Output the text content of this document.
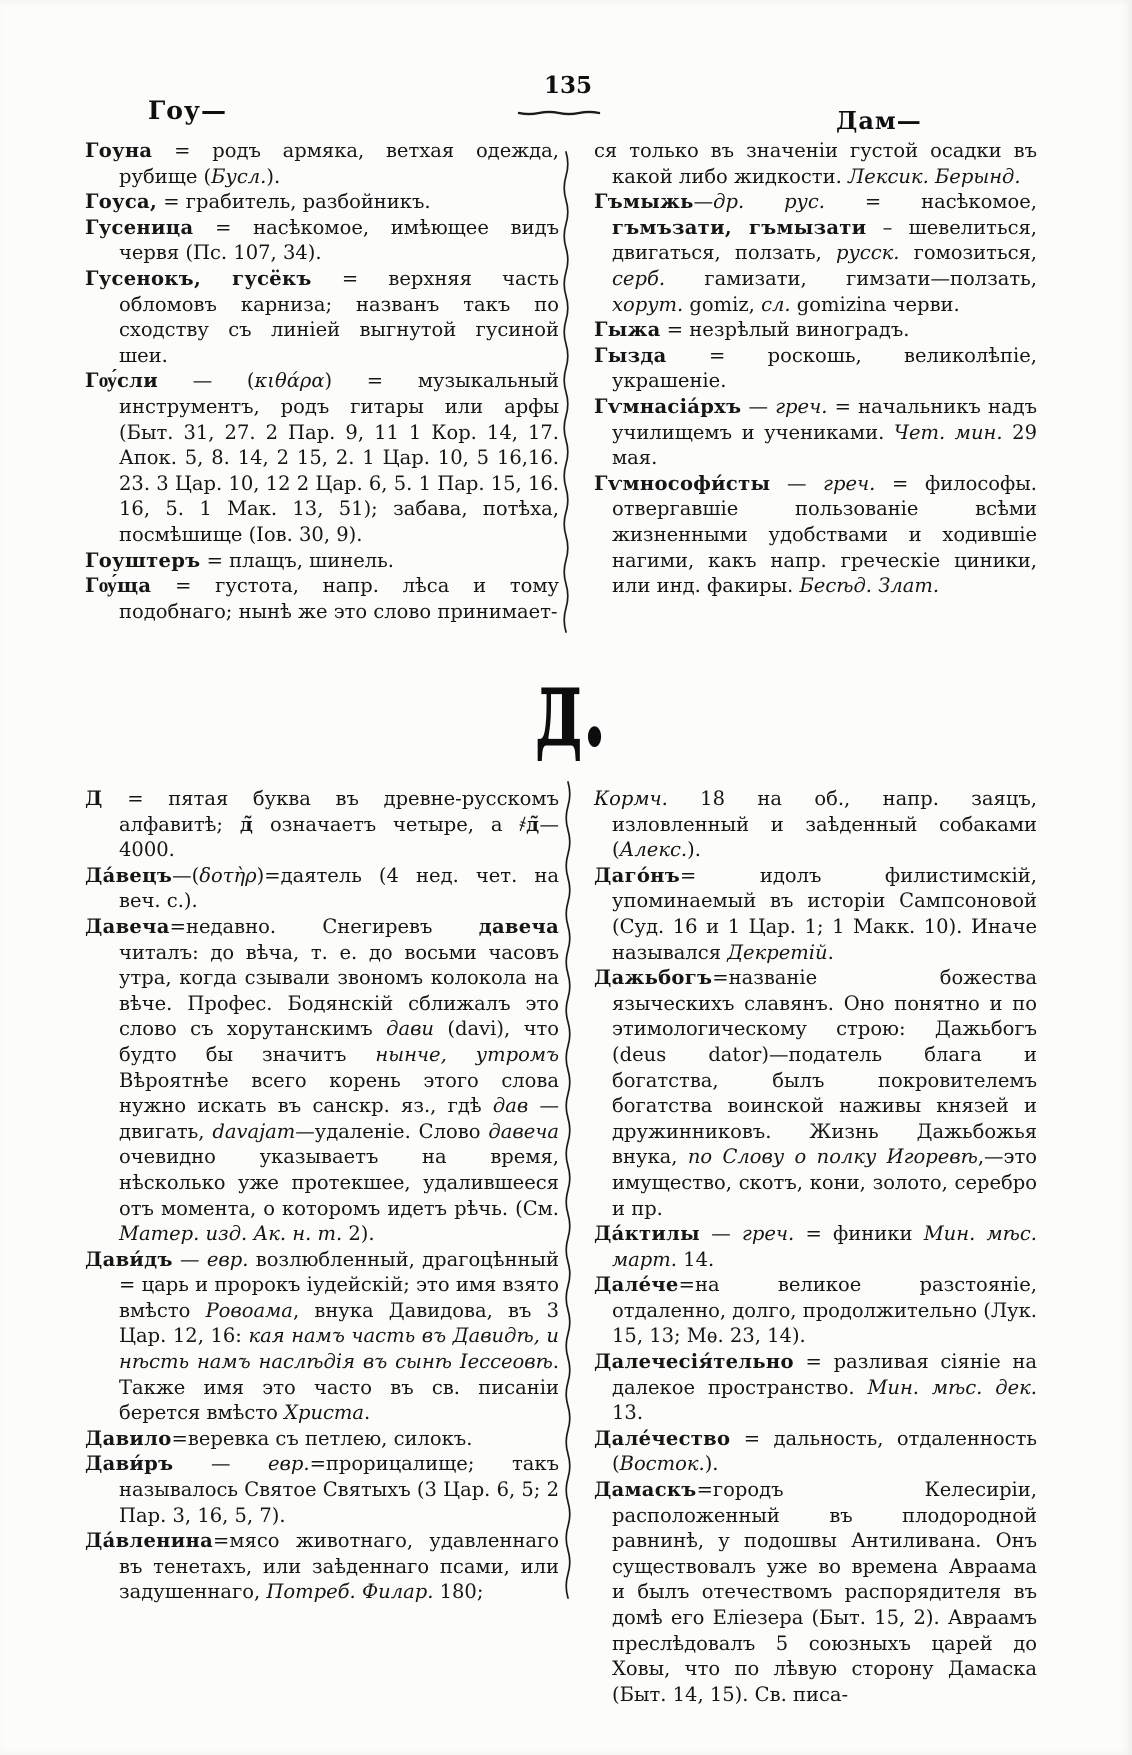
Гоу—
135
Дам—

Гоуна = родъ армяка, ветхая одежда, рубище (Бусл.).

Гоуса, = грабитель, разбойникъ.

Гусеница = насѣкомое, имѣющее видъ червя (Пс. 107, 34).

Гусенокъ, гусёкъ = верхняя часть обломовъ карниза; названъ такъ по сходству съ линіей выгнутой гусиной шеи.

Гѹ́сли — (κιθάρα) = музыкальный инструментъ, родъ гитары или арфы (Быт. 31, 27. 2 Пар. 9, 11 1 Кор. 14, 17. Апок. 5, 8. 14, 2 15, 2. 1 Цар. 10, 5 16,16. 23. 3 Цар. 10, 12 2 Цар. 6, 5. 1 Пар. 15, 16. 16, 5. 1 Мак. 13, 51); забава, потѣха, посмѣшище (Іов. 30, 9).

Гоуштеръ = плащъ, шинель.

Гѹ́ща = густота, напр. лѣса и тому подобнаго; нынѣ же это слово принимает-

ся только въ значеніи густой осадки въ какой либо жидкости. Лексик. Берынд.

Гъмыжь—др. рус. = насѣкомое, гъмъзати, гъмызати – шевелиться, двигаться, ползать, русск. гомозиться, серб. гамизати, гимзати—ползать, хорут. gomiz, сл. gomizina черви.

Гыжа = незрѣлый виноградъ.

Гызда = роскошь, великолѣпіе, украшеніе.

Гѵмнасіа́рхъ — греч. = начальникъ надъ училищемъ и учениками. Чет. мин. 29 мая.

Гѵмнософи́сты — греч. = философы. отвергавшіе пользованіе всѣми жизненными удобствами и ходившіе нагими, какъ напр. греческіе циники, или инд. факиры. Бесѣд. Злат.

д.

Д = пятая буква въ древне-русскомъ алфавитѣ; д̃ означаетъ четыре, а ҂д̃—4000.

Да́вецъ—(δοτὴρ)=даятель (4 нед. чет. на веч. с.).

Давеча=недавно. Снегиревъ давеча читалъ: до вѣча, т. е. до восьми часовъ утра, когда сзывали звономъ колокола на вѣче. Профес. Бодянскій сближалъ это слово съ хорутанскимъ дави (davi), что будто бы значитъ нынче, утромъ Вѣроятнѣе всего корень этого слова нужно искать въ санскр. яз., гдѣ дав — двигать, davajam—удаленіе. Слово давеча очевидно указываетъ на время, нѣсколько уже протекшее, удалившееся отъ момента, о которомъ идетъ рѣчь. (См. Матер. изд. Ак. н. т. 2).

Дави́дъ — евр. возлюбленный, драгоцѣнный = царь и пророкъ іудейскій; это имя взято вмѣсто Ровоама, внука Давидова, въ 3 Цар. 12, 16: кая намъ часть въ Давидѣ, и нѣсть намъ наслѣдія въ сынѣ Іессеовѣ. Также имя это часто въ св. писаніи берется вмѣсто Христа.

Давило=веревка съ петлею, силокъ.

Дави́ръ — евр.=прорицалище; такъ называлось Святое Святыхъ (3 Цар. 6, 5; 2 Пар. 3, 16, 5, 7).

Да́вленина=мясо животнаго, удавленнаго въ тенетахъ, или заѣденнаго псами, или задушеннаго, Потреб. Филар. 180;

Кормч. 18 на об., напр. заяцъ, изловленный и заѣденный собаками (Алекс.).

Даго́нъ= идолъ филистимскій, упоминаемый въ исторіи Сампсоновой (Суд. 16 и 1 Цар. 1; 1 Макк. 10). Иначе назывался Декретій.

Дажьбогъ=названіе божества языческихъ славянъ. Оно понятно и по этимологическому строю: Дажьбогъ (deus dator)—податель блага и богатства, былъ покровителемъ богатства воинской наживы князей и дружинниковъ. Жизнь Дажьбожья внука, по Слову о полку Игоревѣ,—это имущество, скотъ, кони, золото, серебро и пр.

Да́ктилы — греч. = финики Мин. мѣс. март. 14.

Дале́че=на великое разстояніе, отдаленно, долго, продолжительно (Лук. 15, 13; Мѳ. 23, 14).

Далечесія́тельно = разливая сіяніе на далекое пространство. Мин. мѣс. дек. 13.

Дале́чество = дальность, отдаленность (Восток.).

Дамаскъ=городъ Келесиріи, расположенный въ плодородной равнинѣ, у подошвы Антиливана. Онъ существовалъ уже во времена Авраама и былъ отечествомъ распорядителя въ домѣ его Еліезера (Быт. 15, 2). Авраамъ преслѣдовалъ 5 союзныхъ царей до Ховы, что по лѣвую сторону Дамаска (Быт. 14, 15). Св. писа-
